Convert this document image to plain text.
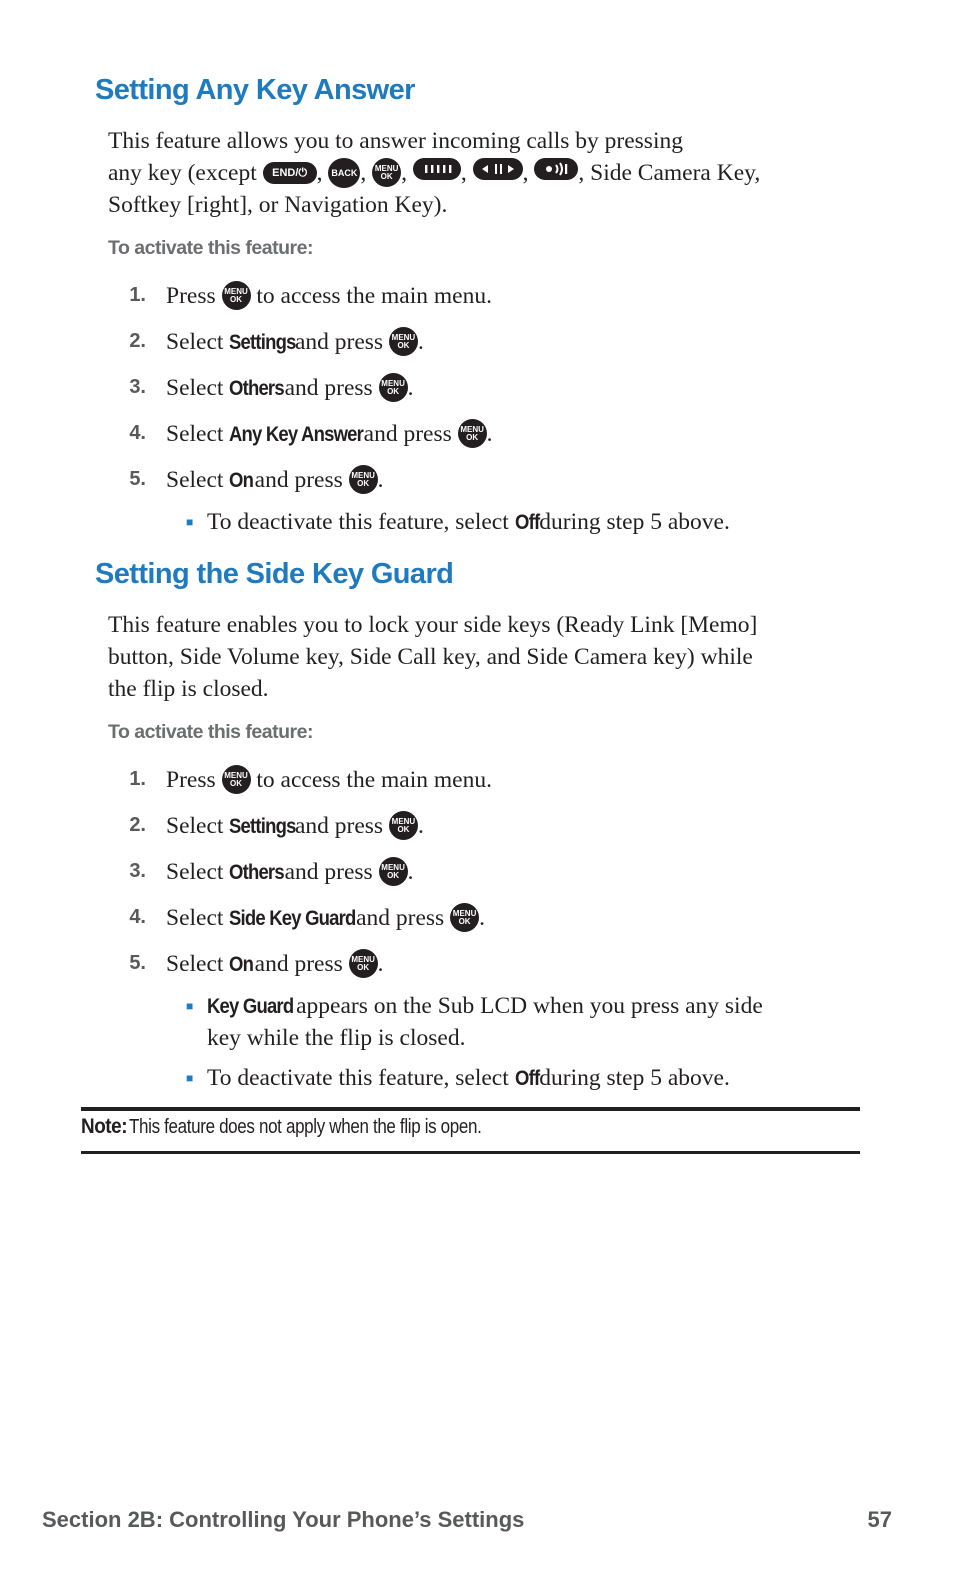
Setting Any Key Answer
This feature allows you to answer incoming calls by pressing
any key (except END/⏻ , BACK , MENU
OK , , , , Side Camera Key,
Softkey [right], or Navigation Key).
To activate this feature:
1. Press	MENU
OK to access the main menu.
2. Select Settingsand press	MENU
OK .
3. Select Othersand press	MENU
OK .
4. Select Any Key Answerand press	MENU
OK .
5. Select Onand press	MENU
OK .
■ To deactivate this feature, select Offduring step 5 above.
Setting the Side Key Guard
This feature enables you to lock your side keys (Ready Link [Memo]
button, Side Volume key, Side Call key, and Side Camera key) while
the flip is closed.
To activate this feature:
1. Press	MENU
OK to access the main menu.
2. Select Settingsand press	MENU
OK .
3. Select Othersand press	MENU
OK .
4. Select Side Key Guardand press	MENU
OK .
5. Select Onand press	MENU
OK .
■ Key Guard appears on the Sub LCD when you press any side
key while the flip is closed.
■ To deactivate this feature, select Offduring step 5 above.
Note: This feature does not apply when the flip is open.
Section 2B: Controlling Your Phone’s Settings	57
